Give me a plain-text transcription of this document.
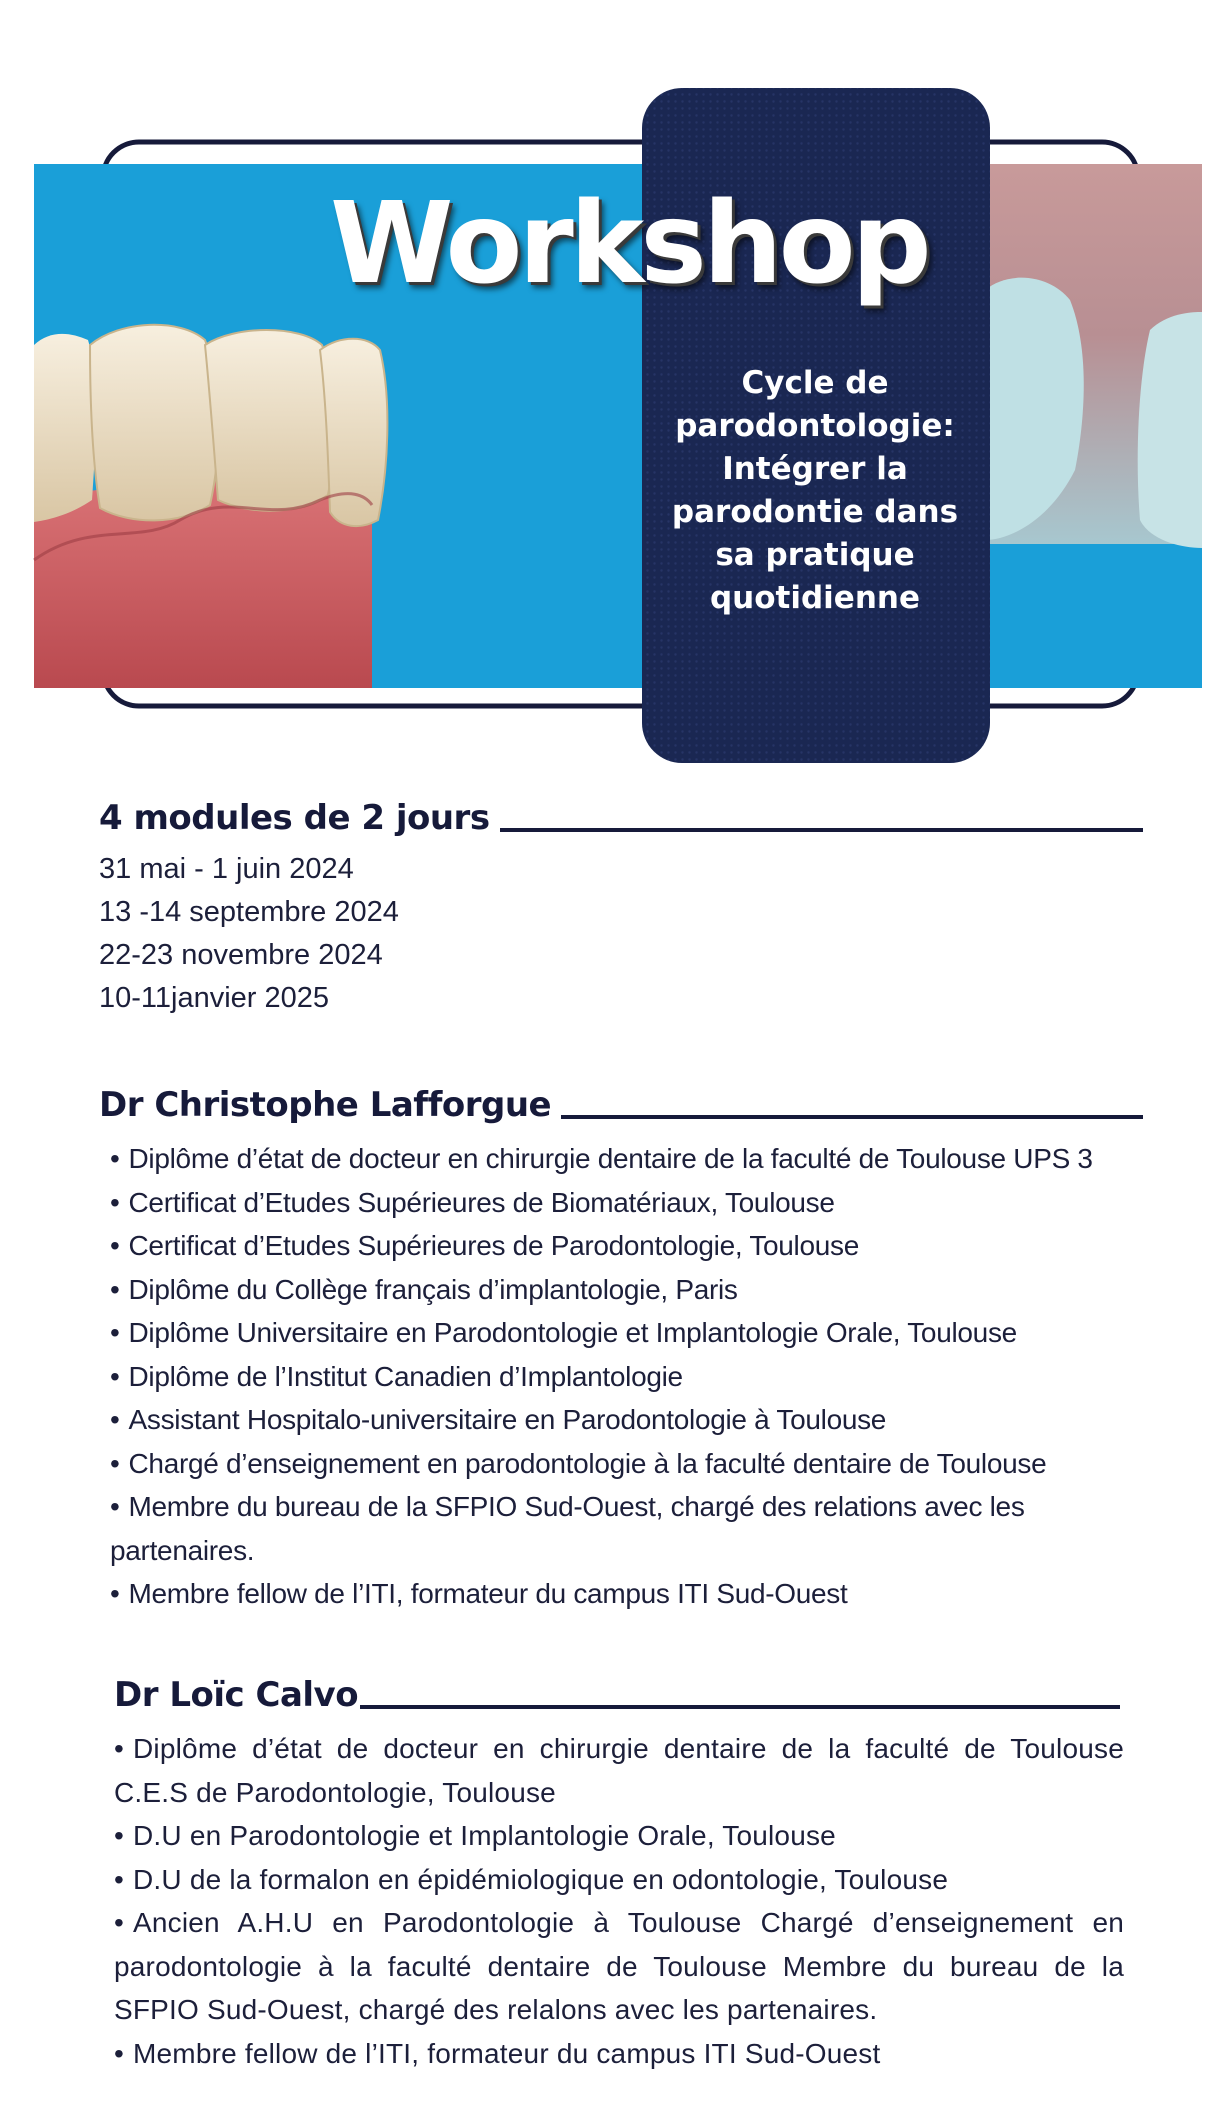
Workshop
Cycle de
parodontologie:
Intégrer la
parodontie dans
sa pratique
quotidienne
4 modules de 2 jours
31 mai - 1 juin 2024
13 -14 septembre 2024
22-23 novembre 2024
10-11janvier 2025
Dr Christophe Lafforgue
• Diplôme d’état de docteur en chirurgie dentaire de la faculté de Toulouse UPS 3
• Certificat d’Etudes Supérieures de Biomatériaux, Toulouse
• Certificat d’Etudes Supérieures de Parodontologie, Toulouse
• Diplôme du Collège français d’implantologie, Paris
• Diplôme Universitaire en Parodontologie et Implantologie Orale, Toulouse
• Diplôme de l’Institut Canadien d’Implantologie
• Assistant Hospitalo-universitaire en Parodontologie à Toulouse
• Chargé d’enseignement en parodontologie à la faculté dentaire de Toulouse
• Membre du bureau de la SFPIO Sud-Ouest, chargé des relations avec les partenaires.
• Membre fellow de l’ITI, formateur du campus ITI Sud-Ouest
Dr Loïc Calvo
• Diplôme d’état de docteur en chirurgie dentaire de la faculté de Toulouse C.E.S de Parodontologie, Toulouse
• D.U en Parodontologie et Implantologie Orale, Toulouse
• D.U de la formalon en épidémiologique en odontologie, Toulouse
• Ancien A.H.U en Parodontologie à Toulouse Chargé d’enseignement en parodontologie à la faculté dentaire de Toulouse Membre du bureau de la SFPIO Sud-Ouest, chargé des relalons avec les partenaires.
• Membre fellow de l’ITI, formateur du campus ITI Sud-Ouest
